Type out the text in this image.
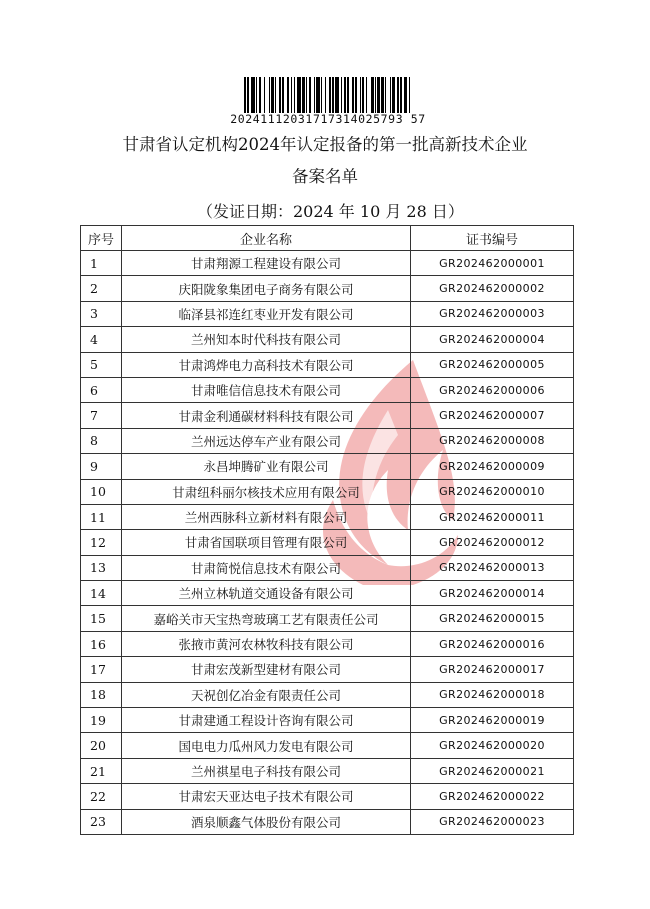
20241112031717314025793 57
甘肃省认定机构2024年认定报备的第一批高新技术企业
备案名单
（发证日期：2024 年 10 月 28 日）
序号	企业名称	证书编号
1	甘肃翔源工程建设有限公司	GR202462000001
2	庆阳陇象集团电子商务有限公司	GR202462000002
3	临泽县祁连红枣业开发有限公司	GR202462000003
4	兰州知本时代科技有限公司	GR202462000004
5	甘肃鸿烨电力高科技术有限公司	GR202462000005
6	甘肃唯信信息技术有限公司	GR202462000006
7	甘肃金利通碳材料科技有限公司	GR202462000007
8	兰州远达停车产业有限公司	GR202462000008
9	永昌坤腾矿业有限公司	GR202462000009
10	甘肃纽科丽尔核技术应用有限公司	GR202462000010
11	兰州西脉科立新材料有限公司	GR202462000011
12	甘肃省国联项目管理有限公司	GR202462000012
13	甘肃简悦信息技术有限公司	GR202462000013
14	兰州立林轨道交通设备有限公司	GR202462000014
15	嘉峪关市天宝热弯玻璃工艺有限责任公司	GR202462000015
16	张掖市黄河农林牧科技有限公司	GR202462000016
17	甘肃宏茂新型建材有限公司	GR202462000017
18	天祝创亿冶金有限责任公司	GR202462000018
19	甘肃建通工程设计咨询有限公司	GR202462000019
20	国电电力瓜州风力发电有限公司	GR202462000020
21	兰州祺星电子科技有限公司	GR202462000021
22	甘肃宏天亚达电子技术有限公司	GR202462000022
23	酒泉顺鑫气体股份有限公司	GR202462000023
